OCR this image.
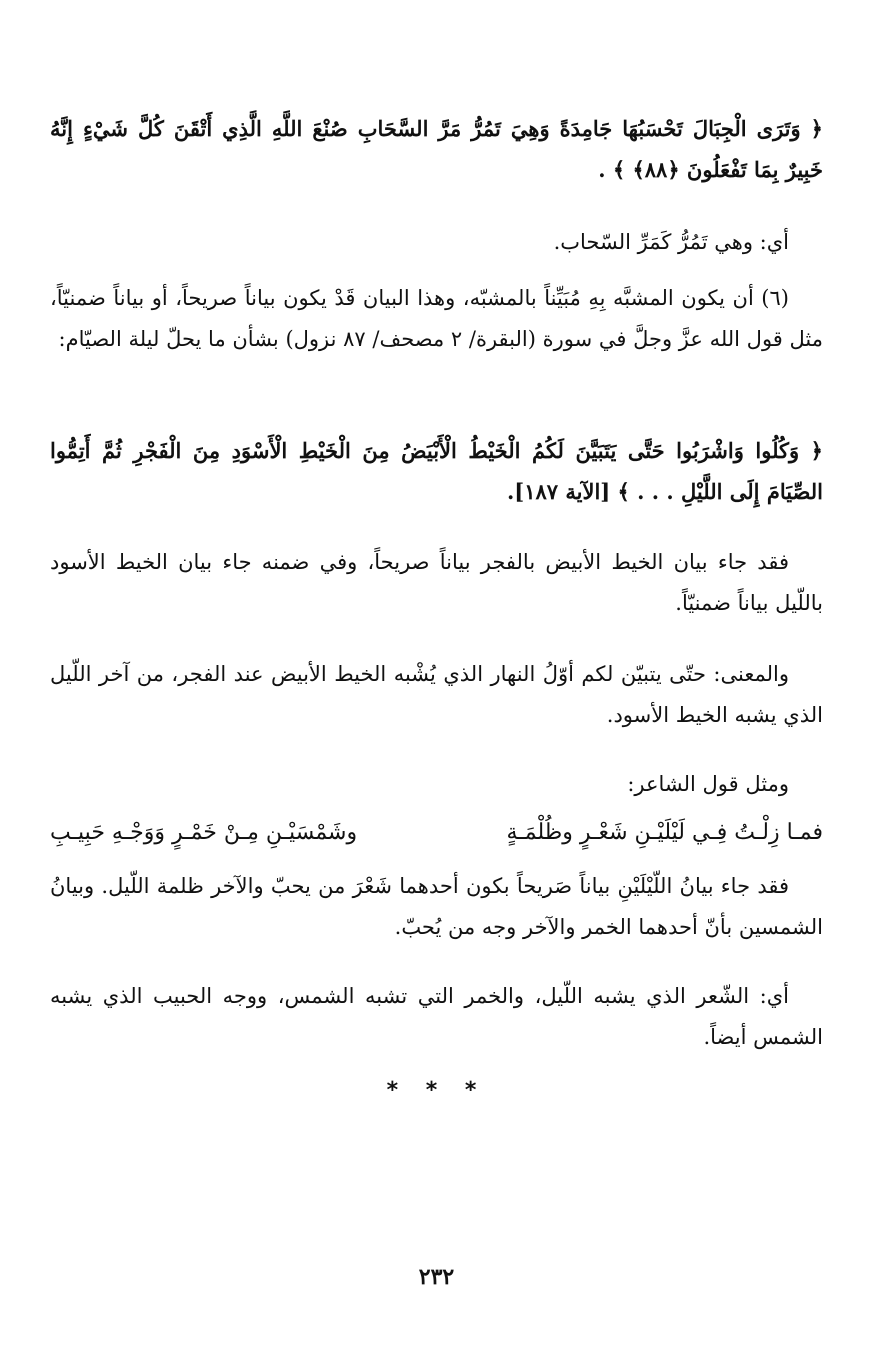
﴿ وَتَرَى الْجِبَالَ تَحْسَبُهَا جَامِدَةً وَهِيَ تَمُرُّ مَرَّ السَّحَابِ صُنْعَ اللَّهِ الَّذِي أَتْقَنَ كُلَّ شَيْءٍ إِنَّهُ خَبِيرٌ بِمَا تَفْعَلُونَ ﴿٨٨﴾ ﴾ .
أي: وهي تَمُرُّ كَمَرِّ السّحاب.
(٦) أن يكون المشبَّه بِهِ مُبَيِّناً بالمشبّه، وهذا البيان قَدْ يكون بياناً صريحاً، أو بياناً ضمنيّاً، مثل قول الله عزَّ وجلَّ في سورة (البقرة/ ٢ مصحف/ ٨٧ نزول) بشأن ما يحلّ ليلة الصيّام:
﴿ وَكُلُوا وَاشْرَبُوا حَتَّى يَتَبَيَّنَ لَكُمُ الْخَيْطُ الْأَبْيَضُ مِنَ الْخَيْطِ الْأَسْوَدِ مِنَ الْفَجْرِ ثُمَّ أَتِمُّوا الصِّيَامَ إِلَى اللَّيْلِ . . . ﴾ [الآية ١٨٧].
فقد جاء بيان الخيط الأبيض بالفجر بياناً صريحاً، وفي ضمنه جاء بيان الخيط الأسود باللّيل بياناً ضمنيّاً.
والمعنى: حتّى يتبيّن لكم أوّلُ النهار الذي يُشْبه الخيط الأبيض عند الفجر، من آخر اللّيل الذي يشبه الخيط الأسود.
ومثل قول الشاعر:
فمـا زِلْـتُ فِـي لَيْلَيْـنِ شَعْـرٍ وظُلْمَـةٍ
وشَمْسَيْـنِ مِـنْ خَمْـرٍ وَوَجْـهِ حَبِيـبِ
فقد جاء بيانُ اللّيْلَيْنِ بياناً صَريحاً بكون أحدهما شَعْرَ من يحبّ والآخر ظلمة اللّيل. وبيانُ الشمسين بأنّ أحدهما الخمر والآخر وجه من يُحبّ.
أي: الشّعر الذي يشبه اللّيل، والخمر التي تشبه الشمس، ووجه الحبيب الذي يشبه الشمس أيضاً.
* * *
٢٣٢
